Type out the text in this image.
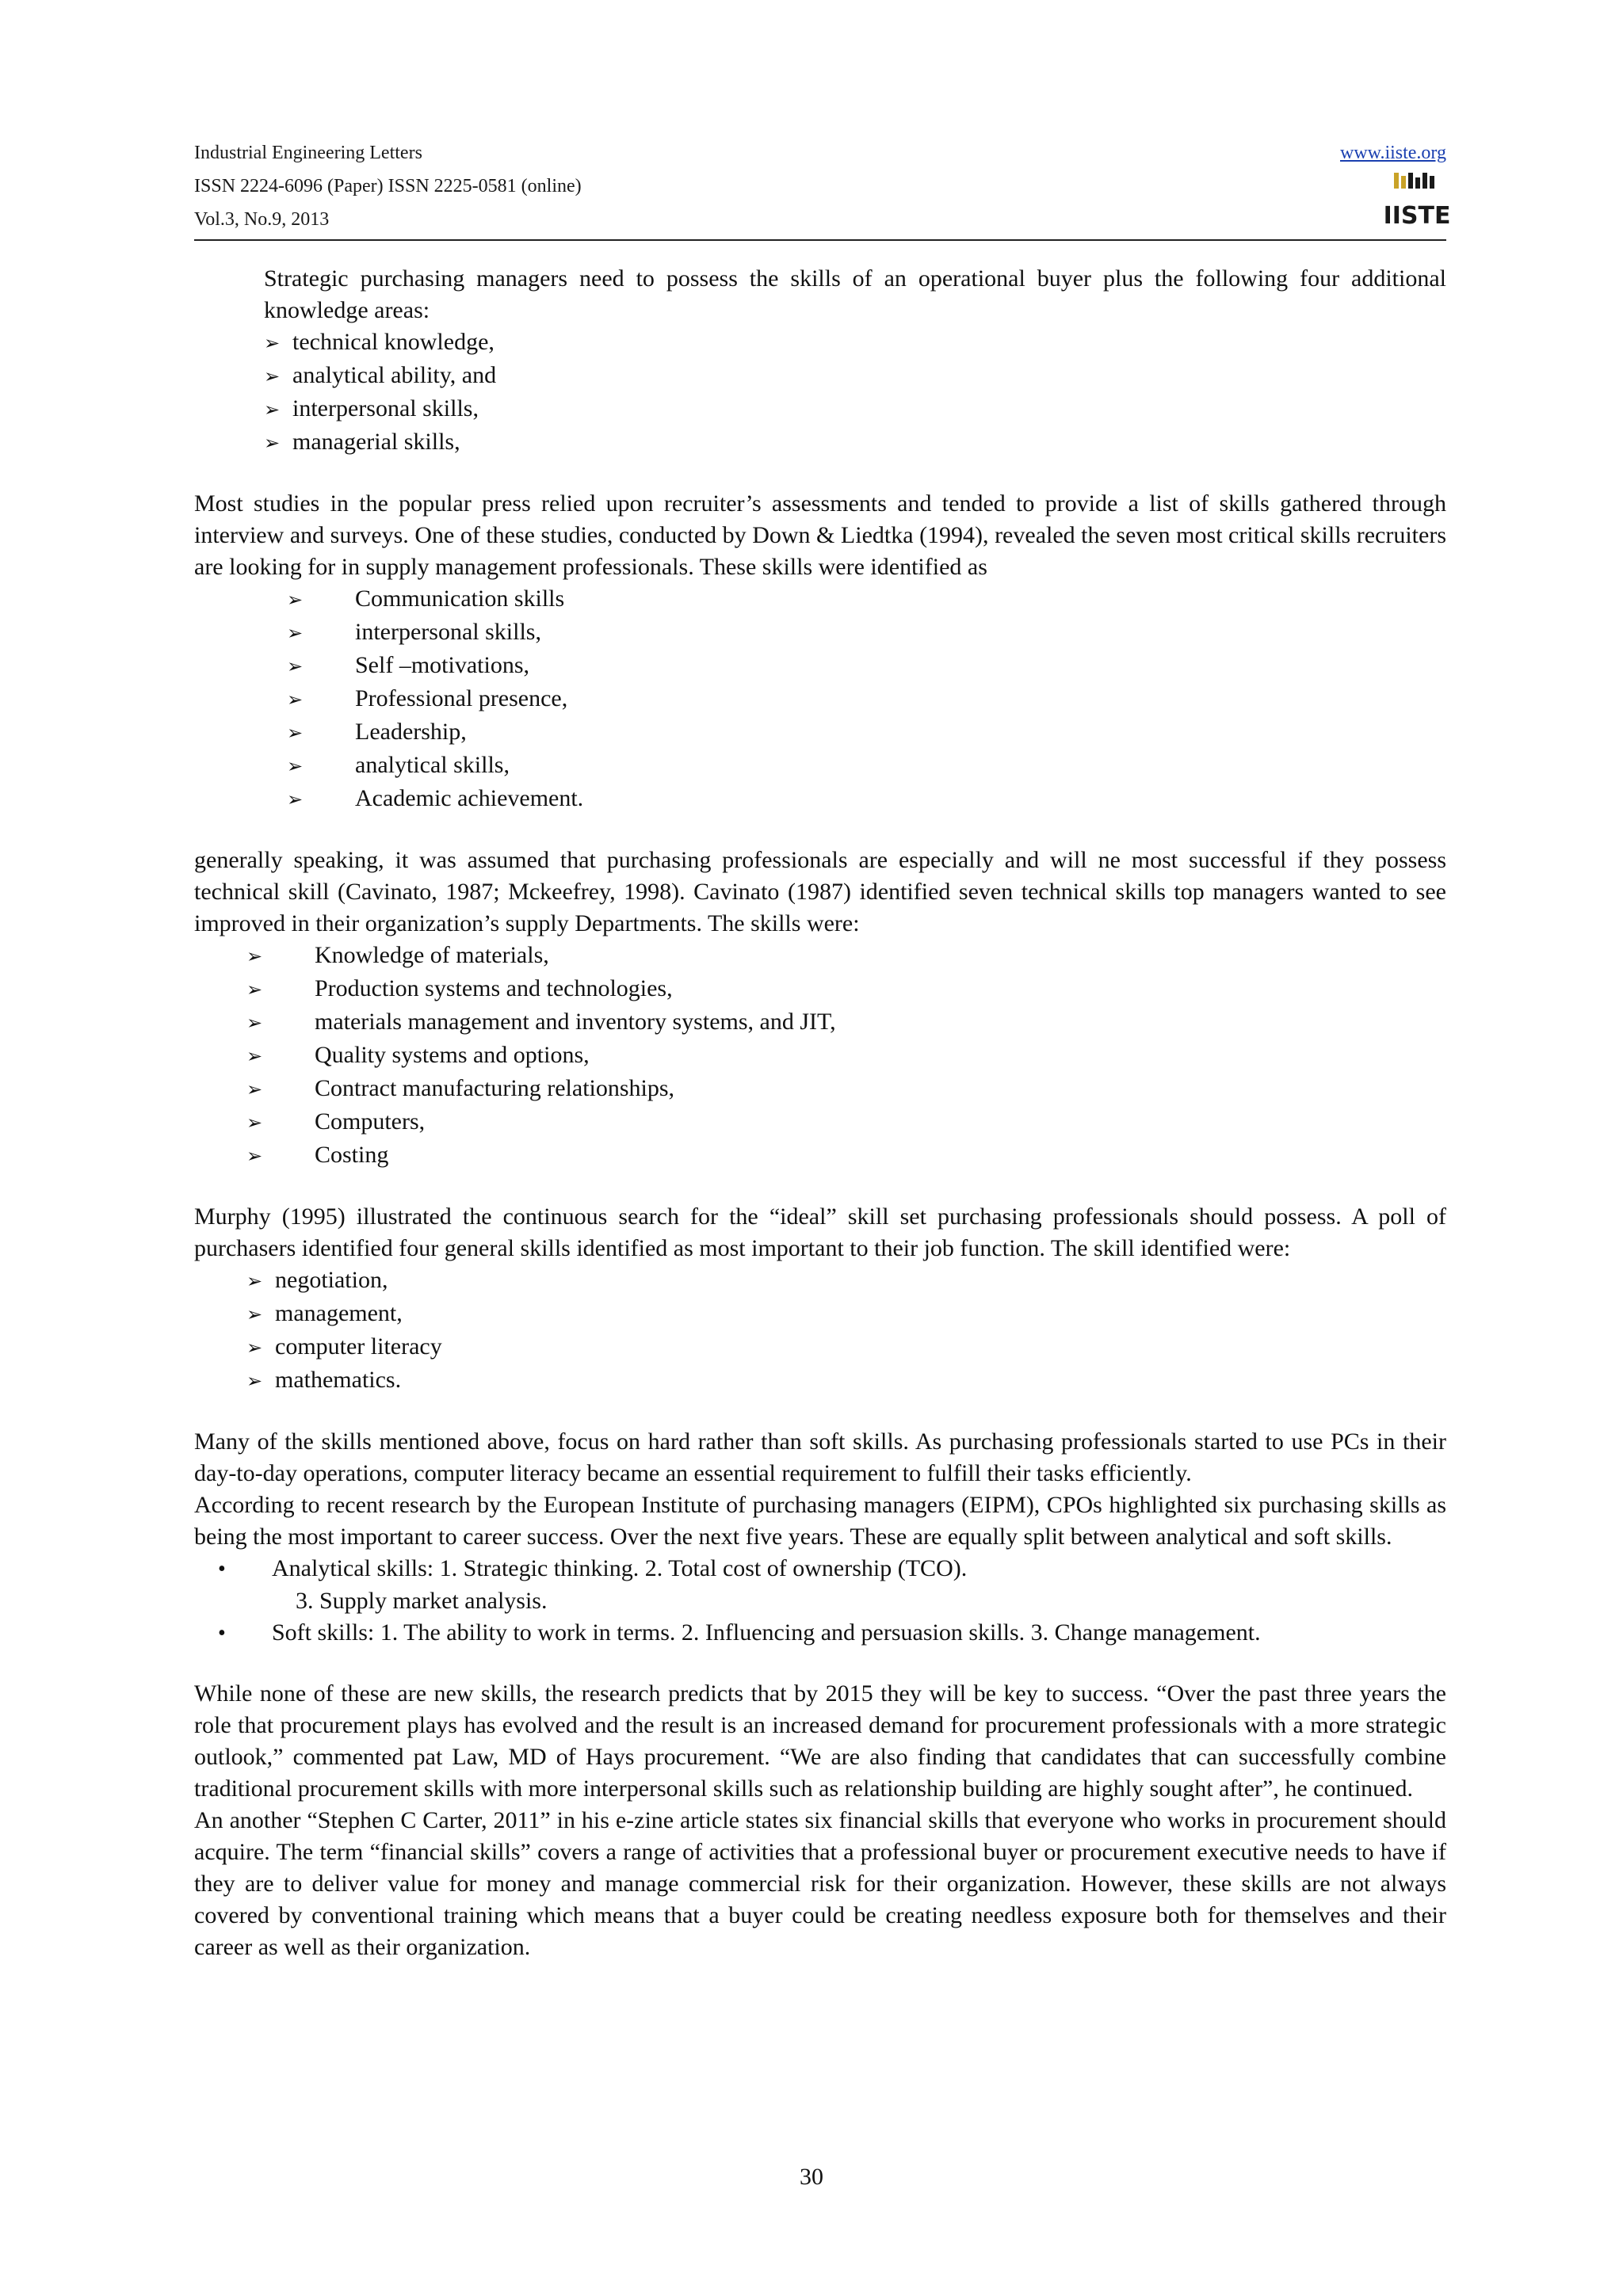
Industrial Engineering Letters
ISSN 2224-6096 (Paper) ISSN 2225-0581 (online)
Vol.3, No.9, 2013
www.iiste.org
IISTE

Strategic purchasing managers need to possess the skills of an operational buyer plus the following four additional knowledge areas:

➢ technical knowledge,
➢ analytical ability, and
➢ interpersonal skills,
➢ managerial skills,

Most studies in the popular press relied upon recruiter’s assessments and tended to provide a list of skills gathered through interview and surveys. One of these studies, conducted by Down & Liedtka (1994), revealed the seven most critical skills recruiters are looking for in supply management professionals. These skills were identified as

➢	Communication skills
➢	interpersonal skills,
➢	Self –motivations,
➢	Professional presence,
➢	Leadership,
➢	analytical skills,
➢	Academic achievement.

generally speaking, it was assumed that purchasing professionals are especially and will ne most successful if they possess technical skill (Cavinato, 1987; Mckeefrey, 1998). Cavinato (1987) identified seven technical skills top managers wanted to see improved in their organization’s supply Departments. The skills were:

➢	Knowledge of materials,
➢	Production systems and technologies,
➢	materials management and inventory systems, and JIT,
➢	Quality systems and options,
➢	Contract manufacturing relationships,
➢	Computers,
➢	Costing

Murphy (1995) illustrated the continuous search for the “ideal” skill set purchasing professionals should possess. A poll of purchasers identified four general skills identified as most important to their job function. The skill identified were:

➢ negotiation,
➢ management,
➢ computer literacy
➢ mathematics.

Many of the skills mentioned above, focus on hard rather than soft skills. As purchasing professionals started to use PCs in their day-to-day operations, computer literacy became an essential requirement to fulfill their tasks efficiently.

According to recent research by the European Institute of purchasing managers (EIPM), CPOs highlighted six purchasing skills as being the most important to career success. Over the next five years. These are equally split between analytical and soft skills.

•	Analytical skills: 1. Strategic thinking. 2. Total cost of ownership (TCO).
3. Supply market analysis.
•	Soft skills: 1. The ability to work in terms. 2. Influencing and persuasion skills. 3. Change management.

While none of these are new skills, the research predicts that by 2015 they will be key to success. “Over the past three years the role that procurement plays has evolved and the result is an increased demand for procurement professionals with a more strategic outlook,” commented pat Law, MD of Hays procurement. “We are also finding that candidates that can successfully combine traditional procurement skills with more interpersonal skills such as relationship building are highly sought after”, he continued.

An another “Stephen C Carter, 2011” in his e-zine article states six financial skills that everyone who works in procurement should acquire. The term “financial skills” covers a range of activities that a professional buyer or procurement executive needs to have if they are to deliver value for money and manage commercial risk for their organization. However, these skills are not always covered by conventional training which means that a buyer could be creating needless exposure both for themselves and their career as well as their organization.

30
